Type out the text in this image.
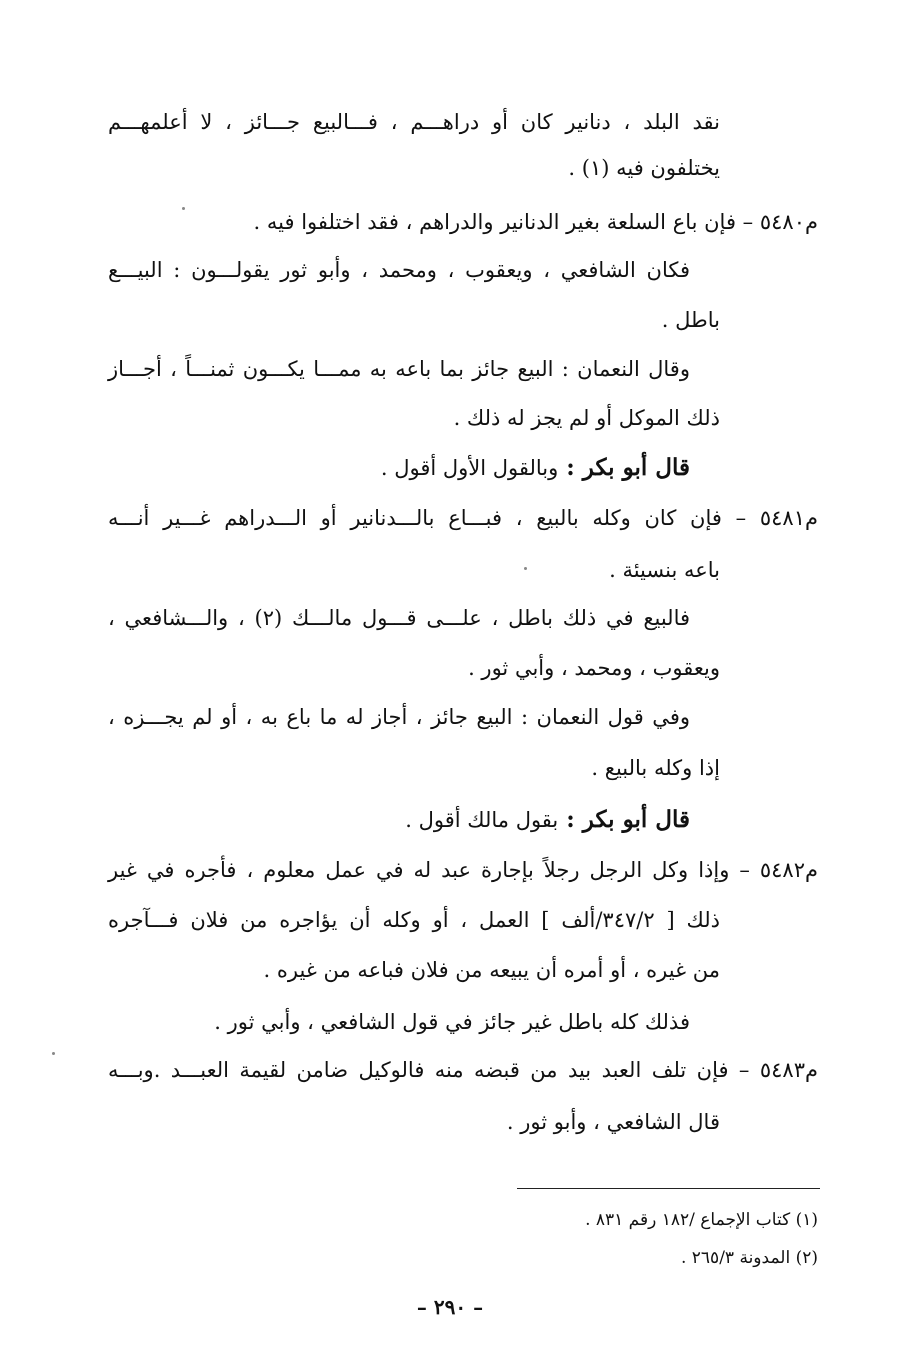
نقد البلد ، دنانير كان أو دراهـــم ، فـــالبيع جـــائز ، لا أعلمهـــم
يختلفون فيه (١) .
م٥٤٨٠ – فإن باع السلعة بغير الدنانير والدراهم ، فقد اختلفوا فيه .
فكان الشافعي ، ويعقوب ، ومحمد ، وأبو ثور يقولـــون : البيـــع
باطل .
وقال النعمان : البيع جائز بما باعه به ممـــا يكـــون ثمنـــاً ، أجـــاز
ذلك الموكل أو لم يجز له ذلك .
قال أبو بكر : وبالقول الأول أقول .
م٥٤٨١ – فإن كان وكله بالبيع ، فبـــاع بالـــدنانير أو الـــدراهم غـــير أنـــه
باعه بنسيئة .
فالبيع في ذلك باطل ، علـــى قـــول مالـــك (٢) ، والـــشافعي ،
ويعقوب ، ومحمد ، وأبي ثور .
وفي قول النعمان : البيع جائز ، أجاز له ما باع به ، أو لم يجـــزه ،
إذا وكله بالبيع .
قال أبو بكر : بقول مالك أقول .
م٥٤٨٢ – وإذا وكل الرجل رجلاً بإجارة عبد له في عمل معلوم ، فأجره في غير
ذلك [ ٣٤٧/٢/ألف ] العمل ، أو وكله أن يؤاجره من فلان فـــآجره
من غيره ، أو أمره أن يبيعه من فلان فباعه من غيره .
فذلك كله باطل غير جائز في قول الشافعي ، وأبي ثور .
م٥٤٨٣ – فإن تلف العبد بيد من قبضه منه فالوكيل ضامن لقيمة العبـــد .وبـــه
قال الشافعي ، وأبو ثور .
(١) كتاب الإجماع /١٨٢ رقم ٨٣١ .
(٢) المدونة ٢٦٥/٣ .
– ٢٩٠ –
